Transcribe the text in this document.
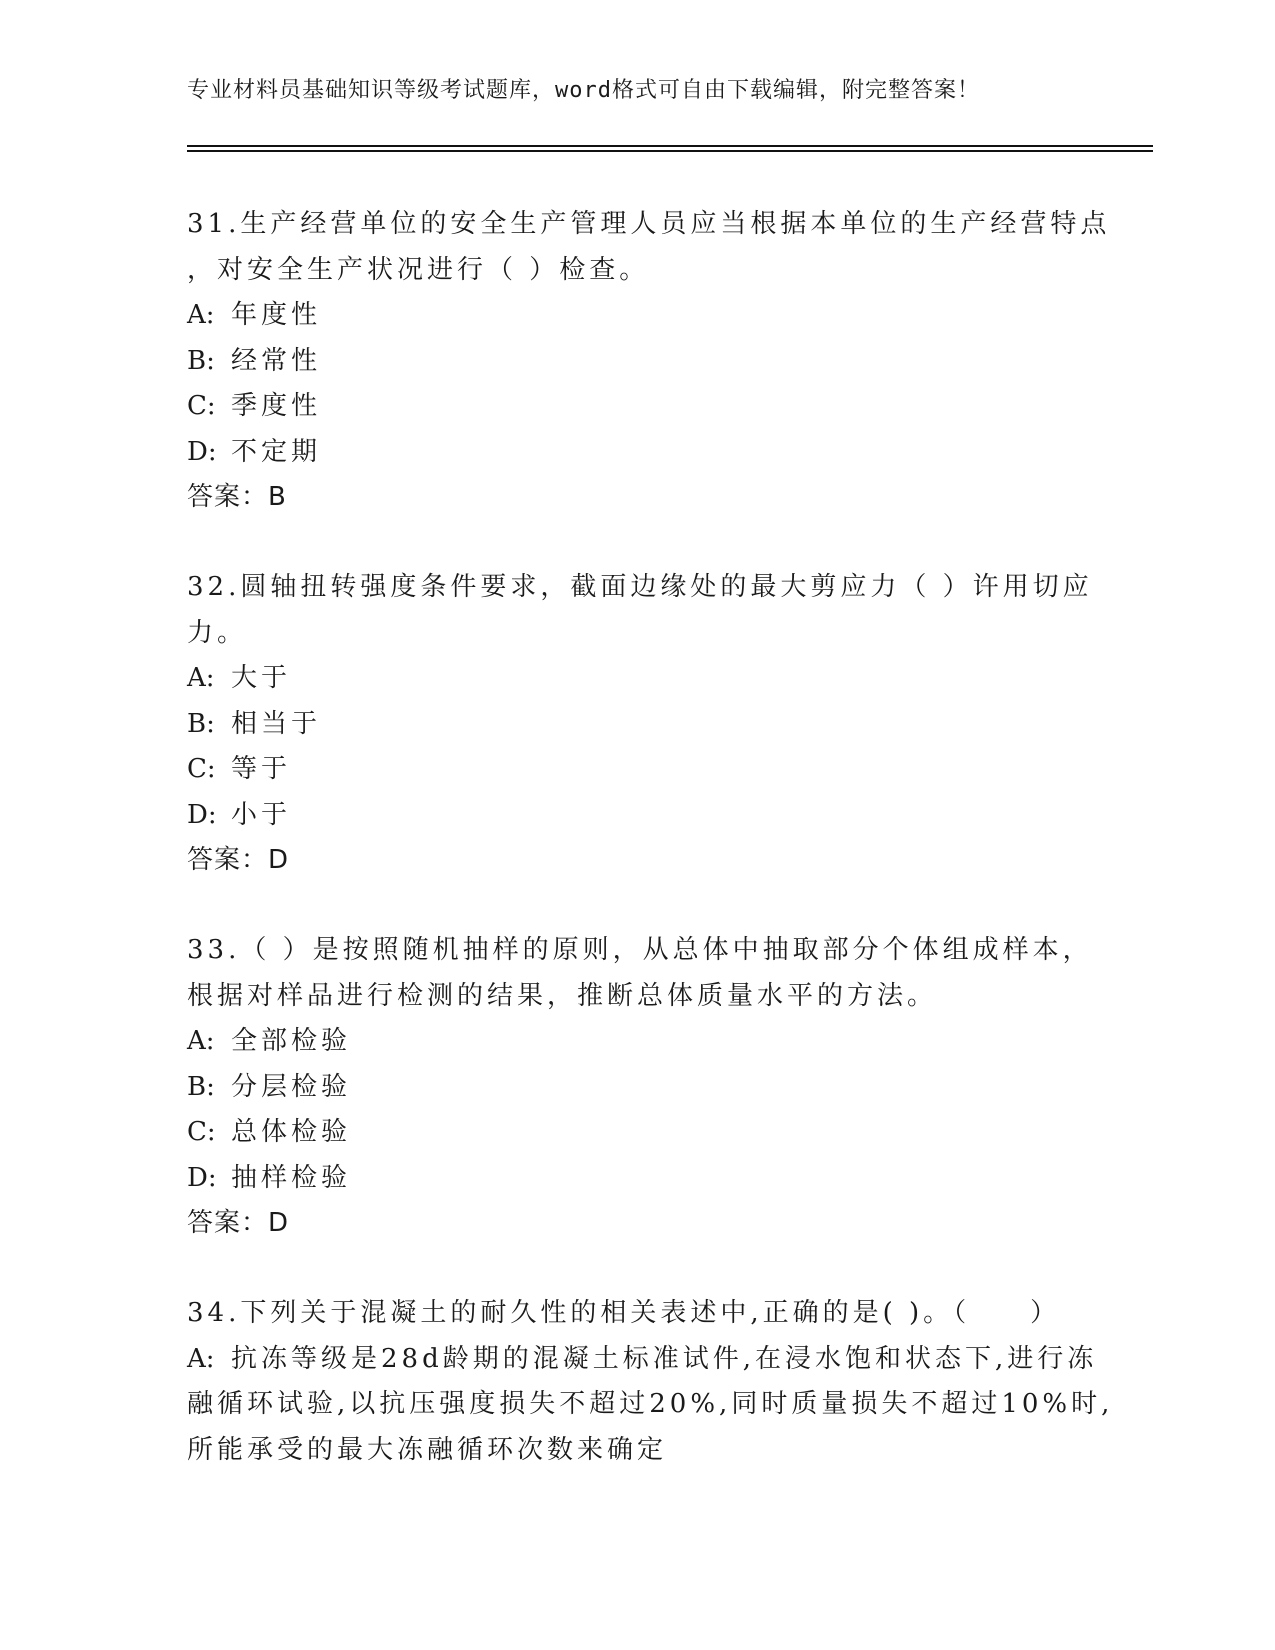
专业材料员基础知识等级考试题库，word格式可自由下载编辑，附完整答案！
31.生产经营单位的安全生产管理人员应当根据本单位的生产经营特点
，对安全生产状况进行（ ）检查。
A: 年度性
B: 经常性
C: 季度性
D: 不定期
答案：B
32.圆轴扭转强度条件要求，截面边缘处的最大剪应力（ ）许用切应
力。
A: 大于
B: 相当于
C: 等于
D: 小于
答案：D
33.（ ）是按照随机抽样的原则，从总体中抽取部分个体组成样本，
根据对样品进行检测的结果，推断总体质量水平的方法。
A: 全部检验
B: 分层检验
C: 总体检验
D: 抽样检验
答案：D
34.下列关于混凝土的耐久性的相关表述中,正确的是( )。（　　）
A: 抗冻等级是28d龄期的混凝土标准试件,在浸水饱和状态下,进行冻
融循环试验,以抗压强度损失不超过20%,同时质量损失不超过10%时,
所能承受的最大冻融循环次数来确定
